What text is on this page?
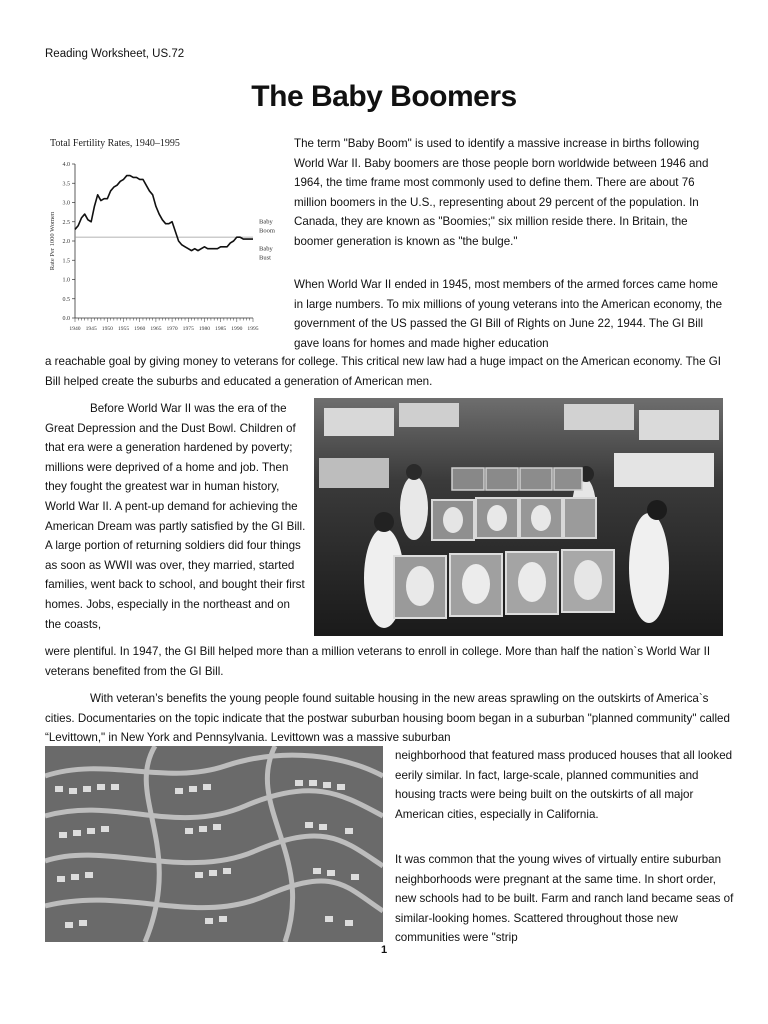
Reading Worksheet, US.72
The Baby Boomers
Total Fertility Rates, 1940–1995
0.0
0.5
1.0
1.5
2.0
2.5
3.0
3.5
4.0
1940 1945 1950 1955 1960 1965 1970 1975 1980 1985 1990 1995
Rate Per 1000 Women	Baby
Boom
Baby
Bust
The term "Baby Boom" is used to identify a massive increase in births following World War II. Baby boomers are those people born worldwide between 1946 and 1964, the time frame most commonly used to define them. There are about 76 million boomers in the U.S., representing about 29 percent of the population. In Canada, they are known as "Boomies;" six million reside there. In Britain, the boomer generation is known as "the bulge."
When World War II ended in 1945, most members of the armed forces came home in large numbers. To mix millions of young veterans into the American economy, the government of the US passed the GI Bill of Rights on June 22, 1944. The GI Bill gave loans for homes and made higher education
a reachable goal by giving money to veterans for college. This critical new law had a huge impact on the American economy. The GI Bill helped create the suburbs and educated a generation of American men.
Before World War II was the era of the Great Depression and the Dust Bowl. Children of that era were a generation hardened by poverty; millions were deprived of a home and job. Then they fought the greatest war in human history, World War II. A pent-up demand for achieving the American Dream was partly satisfied by the GI Bill. A large portion of returning soldiers did four things as soon as WWII was over, they married, started families, went back to school, and bought their first homes. Jobs, especially in the northeast and on the coasts,
were plentiful. In 1947, the GI Bill helped more than a million veterans to enroll in college. More than half the nation`s World War II veterans benefited from the GI Bill.
With veteran’s benefits the young people found suitable housing in the new areas sprawling on the outskirts of America`s cities. Documentaries on the topic indicate that the postwar suburban housing boom began in a suburban "planned community" called “Levittown," in New York and Pennsylvania. Levittown was a massive suburban
neighborhood that featured mass produced houses that all looked eerily similar. In fact, large-scale, planned communities and housing tracts were being built on the outskirts of all major American cities, especially in California.
It was common that the young wives of virtually entire suburban neighborhoods were pregnant at the same time. In short order, new schools had to be built. Farm and ranch land became seas of similar-looking homes. Scattered throughout those new communities were "strip
1
